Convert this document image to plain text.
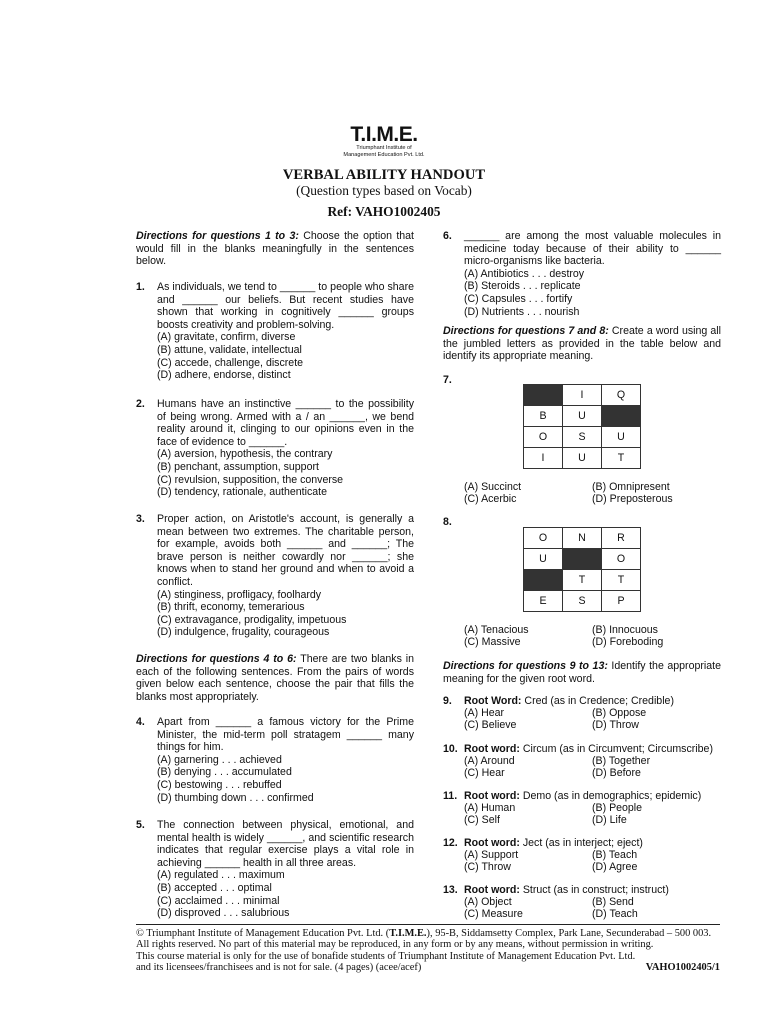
T.I.M.E.
Triumphant Institute of
Management Education Pvt. Ltd.
VERBAL ABILITY HANDOUT
(Question types based on Vocab)
Ref: VAHO1002405
Directions for questions 1 to 3: Choose the option that would fill in the blanks meaningfully in the sentences below.
1. As individuals, we tend to ______ to people who share and ______ our beliefs. But recent studies have shown that working in cognitively ______ groups boosts creativity and problem-solving.
(A) gravitate, confirm, diverse
(B) attune, validate, intellectual
(C) accede, challenge, discrete
(D) adhere, endorse, distinct
2. Humans have an instinctive ______ to the possibility of being wrong. Armed with a / an ______, we bend reality around it, clinging to our opinions even in the face of evidence to ______.
(A) aversion, hypothesis, the contrary
(B) penchant, assumption, support
(C) revulsion, supposition, the converse
(D) tendency, rationale, authenticate
3. Proper action, on Aristotle's account, is generally a mean between two extremes. The charitable person, for example, avoids both ______ and ______; The brave person is neither cowardly nor ______; she knows when to stand her ground and when to avoid a conflict.
(A) stinginess, profligacy, foolhardy
(B) thrift, economy, temerarious
(C) extravagance, prodigality, impetuous
(D) indulgence, frugality, courageous
Directions for questions 4 to 6: There are two blanks in each of the following sentences. From the pairs of words given below each sentence, choose the pair that fills the blanks most appropriately.
4. Apart from ______ a famous victory for the Prime Minister, the mid-term poll stratagem ______ many things for him.
(A) garnering . . . achieved
(B) denying . . . accumulated
(C) bestowing . . . rebuffed
(D) thumbing down . . . confirmed
5. The connection between physical, emotional, and mental health is widely ______, and scientific research indicates that regular exercise plays a vital role in achieving ______ health in all three areas.
(A) regulated . . . maximum
(B) accepted . . . optimal
(C) acclaimed . . . minimal
(D) disproved . . . salubrious
6. ______ are among the most valuable molecules in medicine today because of their ability to ______ micro-organisms like bacteria.
(A) Antibiotics . . . destroy
(B) Steroids . . . replicate
(C) Capsules . . . fortify
(D) Nutrients . . . nourish
Directions for questions 7 and 8: Create a word using all the jumbled letters as provided in the table below and identify its appropriate meaning.
7.
	I	Q
B	U	
O	S	U
I	U	T
(A) Succinct	(B) Omnipresent
(C) Acerbic	(D) Preposterous
8.
O	N	R
U		O
	T	T
E	S	P
(A) Tenacious	(B) Innocuous
(C) Massive	(D) Foreboding
Directions for questions 9 to 13: Identify the appropriate meaning for the given root word.
9. Root Word: Cred (as in Credence; Credible)
(A) Hear	(B) Oppose
(C) Believe	(D) Throw
10. Root word: Circum (as in Circumvent; Circumscribe)
(A) Around	(B) Together
(C) Hear	(D) Before
11. Root word: Demo (as in demographics; epidemic)
(A) Human	(B) People
(C) Self	(D) Life
12. Root word: Ject (as in interject; eject)
(A) Support	(B) Teach
(C) Throw	(D) Agree
13. Root word: Struct (as in construct; instruct)
(A) Object	(B) Send
(C) Measure	(D) Teach
© Triumphant Institute of Management Education Pvt. Ltd. (T.I.M.E.), 95-B, Siddamsetty Complex, Park Lane, Secunderabad – 500 003.
All rights reserved. No part of this material may be reproduced, in any form or by any means, without permission in writing.
VAHO1002405/1
This course material is only for the use of bonafide students of Triumphant Institute of Management Education Pvt. Ltd. and its licensees/franchisees and is not for sale. (4 pages) (acee/acef)
